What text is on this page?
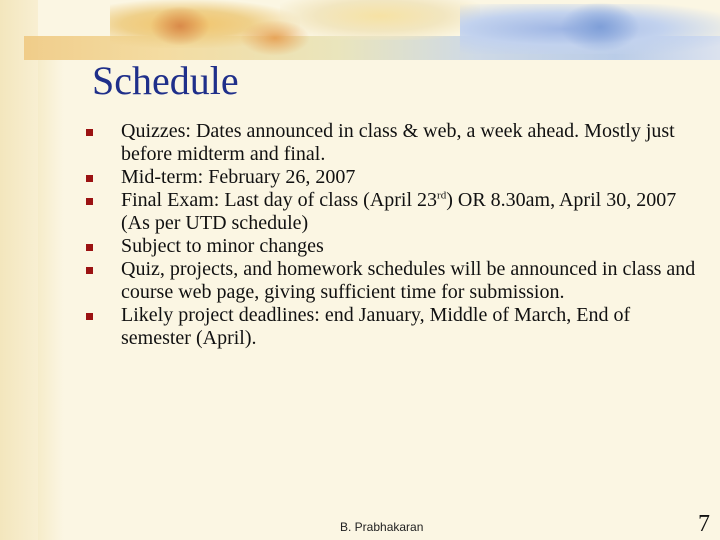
Schedule
Quizzes: Dates announced in class & web, a week ahead. Mostly just before midterm and final.
Mid-term: February 26, 2007
Final Exam: Last day of class (April 23rd) OR 8.30am, April 30, 2007 (As per UTD schedule)
Subject to minor changes
Quiz, projects, and homework schedules will be announced in class and course web page, giving sufficient time for submission.
Likely project deadlines: end January, Middle of March, End of semester (April).
B. Prabhakaran	7
